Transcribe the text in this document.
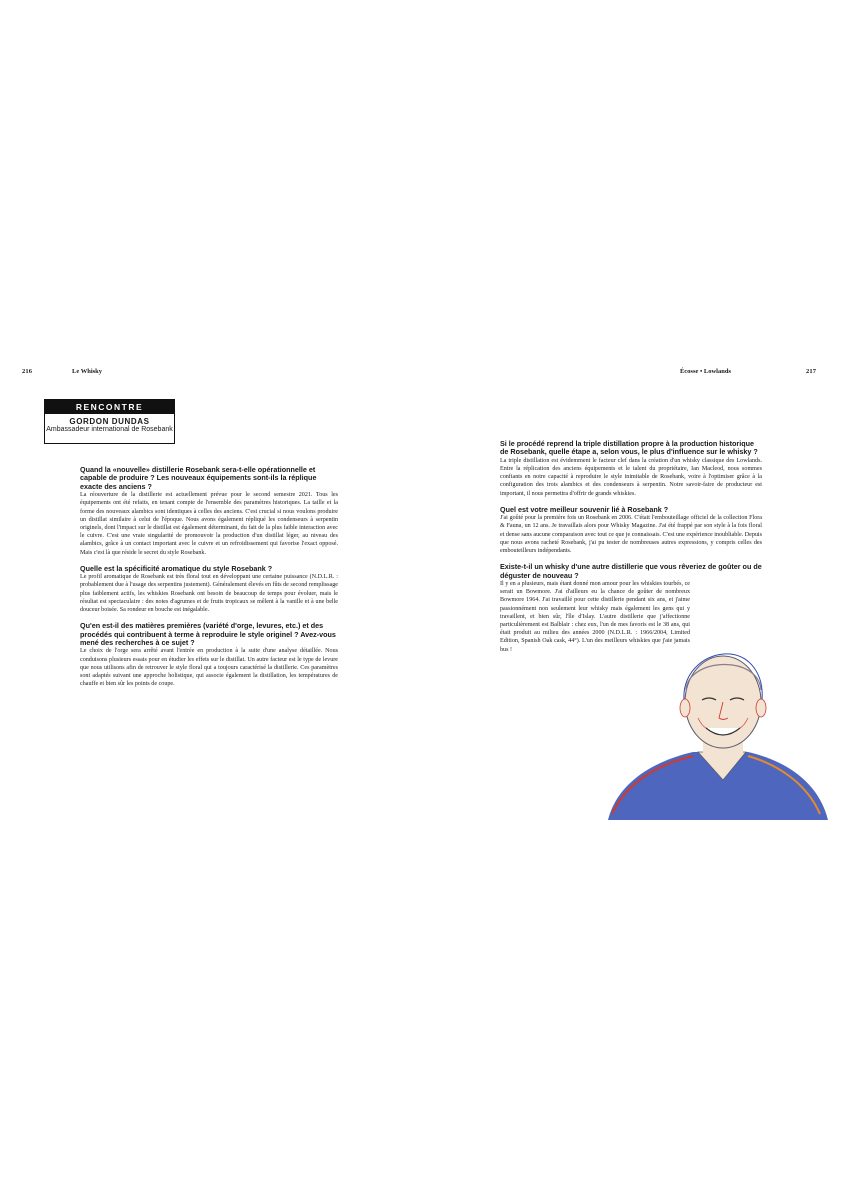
216	Le Whisky	Écosse • Lowlands	217
RENCONTRE
GORDON DUNDAS
Ambassadeur international de Rosebank

Quand la «nouvelle» distillerie Rosebank sera-t-elle opérationnelle et capable de produire ? Les nouveaux équipements sont-ils la réplique exacte des anciens ?

La réouverture de la distillerie est actuellement prévue pour le second semestre 2021. Tous les équipements ont été refaits, en tenant compte de l'ensemble des paramètres historiques. La taille et la forme des nouveaux alambics sont identiques à celles des anciens. C'est crucial si nous voulons produire un distillat similaire à celui de l'époque. Nous avons également répliqué les condenseurs à serpentin originels, dont l'impact sur le distillat est également déterminant, du fait de la plus faible interaction avec le cuivre. C'est une vraie singularité de promouvoir la production d'un distillat léger, au niveau des alambics, grâce à un contact important avec le cuivre et un refroidissement qui favorise l'exact opposé. Mais c'est là que réside le secret du style Rosebank.

Quelle est la spécificité aromatique du style Rosebank ?

Le profil aromatique de Rosebank est très floral tout en développant une certaine puissance (N.D.L.R. : probablement due à l'usage des serpentins justement). Généralement élevés en fûts de second remplissage plus faiblement actifs, les whiskies Rosebank ont besoin de beaucoup de temps pour évoluer, mais le résultat est spectaculaire : des notes d'agrumes et de fruits tropicaux se mêlent à la vanille et à une belle douceur boisée. Sa rondeur en bouche est inégalable.

Qu'en est-il des matières premières (variété d'orge, levures, etc.) et des procédés qui contribuent à terme à reproduire le style originel ? Avez-vous mené des recherches à ce sujet ?

Le choix de l'orge sera arrêté avant l'entrée en production à la suite d'une analyse détaillée. Nous conduisons plusieurs essais pour en étudier les effets sur le distillat. Un autre facteur est le type de levure que nous utilisons afin de retrouver le style floral qui a toujours caractérisé la distillerie. Ces paramètres sont adaptés suivant une approche holistique, qui associe également la distillation, les températures de chauffe et bien sûr les points de coupe.

Si le procédé reprend la triple distillation propre à la production historique de Rosebank, quelle étape a, selon vous, le plus d'influence sur le whisky ?

La triple distillation est évidemment le facteur clef dans la création d'un whisky classique des Lowlands. Entre la réplication des anciens équipements et le talent du propriétaire, Ian Macleod, nous sommes confiants en notre capacité à reproduire le style inimitable de Rosebank, voire à l'optimiser grâce à la configuration des trois alambics et des condenseurs à serpentin. Notre savoir-faire de producteur est important, il nous permettra d'offrir de grands whiskies.

Quel est votre meilleur souvenir lié à Rosebank ?

J'ai goûté pour la première fois un Rosebank en 2006. C'était l'embouteillage officiel de la collection Flora & Fauna, un 12 ans. Je travaillais alors pour Whisky Magazine. J'ai été frappé par son style à la fois floral et dense sans aucune comparaison avec tout ce que je connaissais. C'est une expérience inoubliable. Depuis que nous avons racheté Rosebank, j'ai pu tester de nombreuses autres expressions, y compris celles des embouteilleurs indépendants.

Existe-t-il un whisky d'une autre distillerie que vous rêveriez de goûter ou de déguster de nouveau ?

Il y en a plusieurs, mais étant donné mon amour pour les whiskies tourbés, ce serait un Bowmore. J'ai d'ailleurs eu la chance de goûter de nombreux Bowmore 1964. J'ai travaillé pour cette distillerie pendant six ans, et j'aime passionnément non seulement leur whisky mais également les gens qui y travaillent, et bien sûr, l'île d'Islay. L'autre distillerie que j'affectionne particulièrement est Balblair : chez eux, l'un de mes favoris est le 38 ans, qui était produit au milieu des années 2000 (N.D.L.R. : 1966/2004, Limited Edition, Spanish Oak cask, 44°). L'un des meilleurs whiskies que j'aie jamais bus !
